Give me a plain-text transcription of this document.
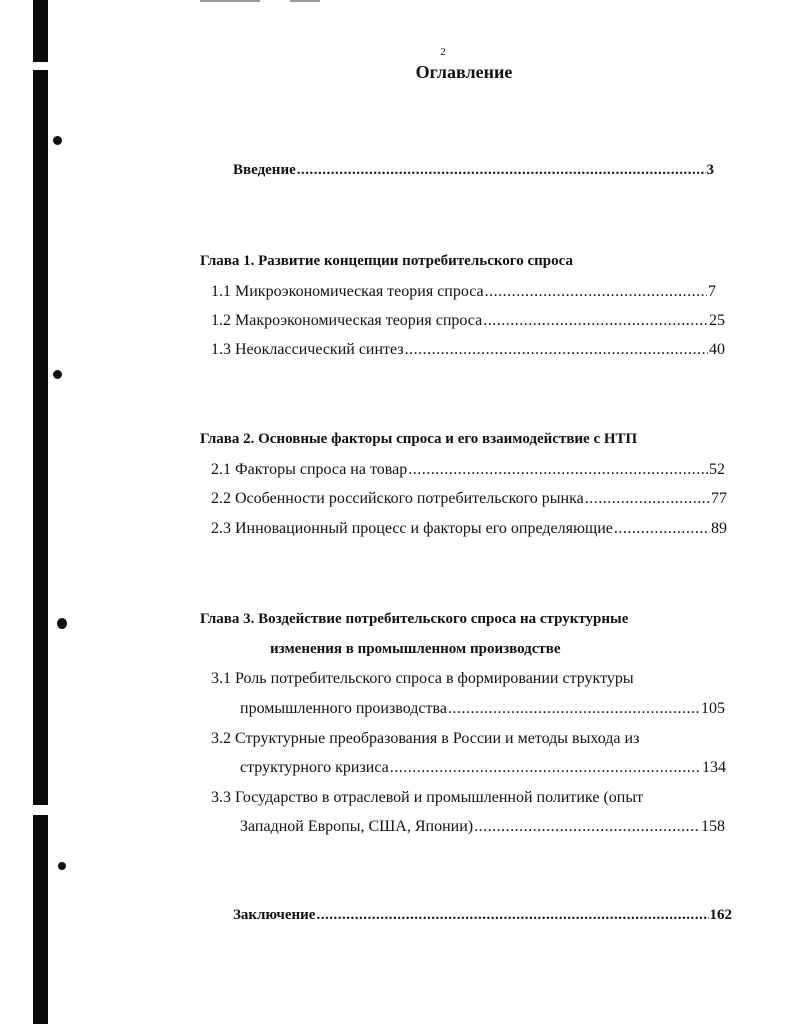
2
Оглавление
Введение .....	3
Глава 1. Развитие концепции потребительского спроса
1.1 Микроэкономическая теория спроса .....	7
1.2 Макроэкономическая теория спроса .....	25
1.3 Неоклассический синтез .....	40
Глава 2. Основные факторы спроса и его взаимодействие с НТП
2.1 Факторы спроса на товар .....	52
2.2 Особенности российского потребительского рынка .....	77
2.3 Инновационный процесс и факторы его определяющие .....	89
Глава 3. Воздействие потребительского спроса на структурные
изменения в промышленном производстве
3.1 Роль потребительского спроса в формировании структуры
промышленного производства .....	105
3.2 Структурные преобразования в России и методы выхода из
структурного кризиса .....	134
3.3 Государство в отраслевой и промышленной политике (опыт
Западной Европы, США, Японии) .....	158
Заключение .....	162
